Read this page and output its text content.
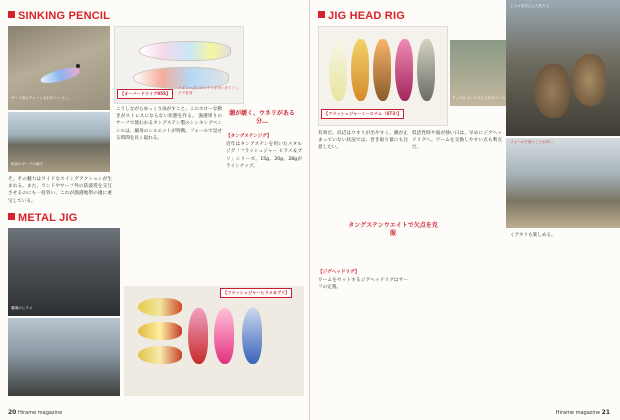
SINKING PENCIL
サーフ用にチューンされたシンペン。
砂浜のサーフの様子
【オーバードライブ85S】
ハイシーズンのベイトが多いタイミングで有効
潮が緩く、ウネリがある分…
そ。その魅力はワイドなスイングアクションが生まれる。また、ワンドやサーフ外の防波堤を交互させるのにも一役買い、これが漁港地帯の適に重宝している。
こうしながらゆっくり泳がすこと。このスローな動きがストレスにならない状態を作る。 漁港周りのサーフで使われるタングステン製のシンキングペンシルは、細身のシルエットが特徴。フォールで見せる時間を長く取れる。	【タングステンジグ】
近年はタングステンを用いたメタルジグ「フラッシュジャー ヒラメ＆ブリ」シリーズ。15g、20g、28gがラインナップ。
METAL JIG
磯場のヒラメ
【フラッシュジャーヒラメ＆ブリ】
20 Hirame magazine
JIG HEAD RIG
【フラッシュジャーミーロテム（ST3）】
タックルボックスに入れたワーム
ヒラメを手にした釣り人
フォールで食うことが多い
タングステンウエイトで欠点を克服
有効だ。浜辺はウネリが出やすく、潮が止まっていない状況では、巻き取り量にも注意したい。
低活性時や波が強い日は、早めにジグヘッドリグへ。ワームを交換しやすい点も利点だ。
【ジグヘッドリグ】
ワームをセットするジグヘッドリグはサーフの定番。
くアタリも楽しめる。
Hirame magazine 21
